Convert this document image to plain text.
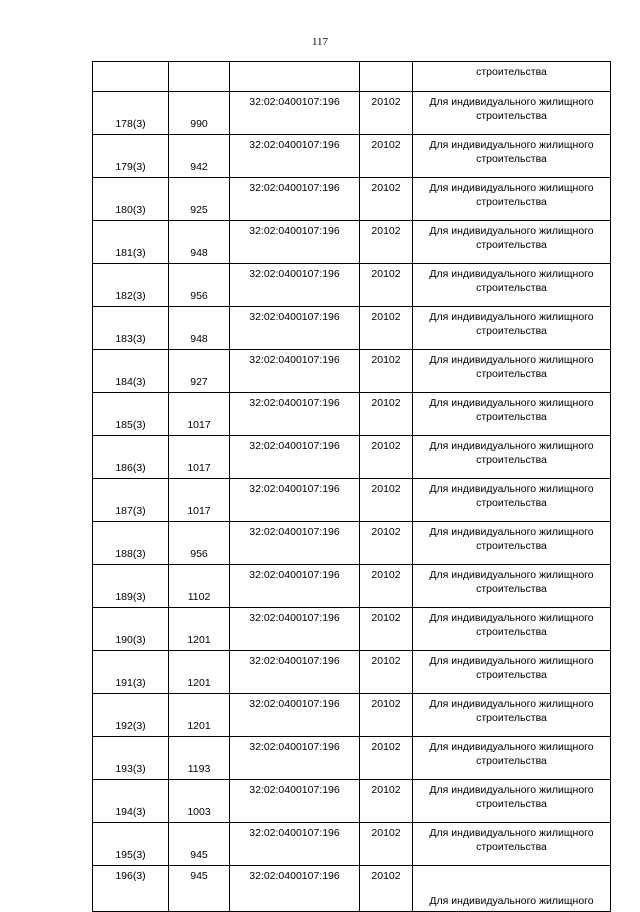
117
				строительства
178(3)	990	32:02:0400107:196	20102	Для индивидуального жилищного
строительства

179(3)	942	32:02:0400107:196	20102	Для индивидуального жилищного
строительства

180(3)	925	32:02:0400107:196	20102	Для индивидуального жилищного
строительства

181(3)	948	32:02:0400107:196	20102	Для индивидуального жилищного
строительства

182(3)	956	32:02:0400107:196	20102	Для индивидуального жилищного
строительства

183(3)	948	32:02:0400107:196	20102	Для индивидуального жилищного
строительства

184(3)	927	32:02:0400107:196	20102	Для индивидуального жилищного
строительства

185(3)	1017	32:02:0400107:196	20102	Для индивидуального жилищного
строительства

186(3)	1017	32:02:0400107:196	20102	Для индивидуального жилищного
строительства

187(3)	1017	32:02:0400107:196	20102	Для индивидуального жилищного
строительства

188(3)	956	32:02:0400107:196	20102	Для индивидуального жилищного
строительства

189(3)	1102	32:02:0400107:196	20102	Для индивидуального жилищного
строительства

190(3)	1201	32:02:0400107:196	20102	Для индивидуального жилищного
строительства

191(3)	1201	32:02:0400107:196	20102	Для индивидуального жилищного
строительства

192(3)	1201	32:02:0400107:196	20102	Для индивидуального жилищного
строительства

193(3)	1193	32:02:0400107:196	20102	Для индивидуального жилищного
строительства

194(3)	1003	32:02:0400107:196	20102	Для индивидуального жилищного
строительства

195(3)	945	32:02:0400107:196	20102	Для индивидуального жилищного
строительства

196(3)	945	32:02:0400107:196	20102	Для индивидуального жилищного
